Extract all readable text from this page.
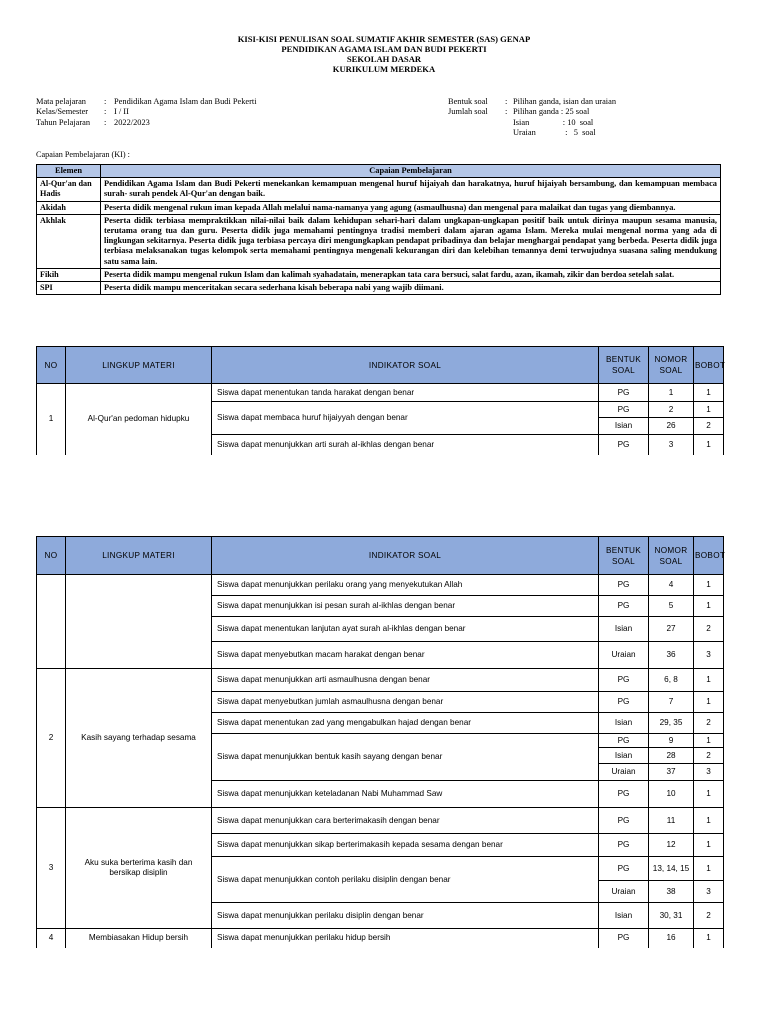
KISI-KISI PENULISAN SOAL SUMATIF AKHIR SEMESTER (SAS) GENAP
PENDIDIKAN AGAMA ISLAM DAN BUDI PEKERTI
SEKOLAH DASAR
KURIKULUM MERDEKA
Mata pelajaran	:	Pendidikan Agama Islam dan Budi Pekerti
Kelas/Semester	:	I / II
Tahun Pelajaran	:	2022/2023
Bentuk soal	:	Pilihan ganda, isian dan uraian
Jumlah soal	:	Pilihan ganda : 25 soal
		Isian                : 10  soal
		Uraian              :   5  soal
Capaian Pembelajaran (KI) :
Elemen	Capaian Pembelajaran
Al-Qur'an dan Hadis	Pendidikan Agama Islam dan Budi Pekerti menekankan kemampuan mengenal huruf hijaiyah dan harakatnya, huruf hijaiyah bersambung, dan kemampuan membaca surah- surah pendek Al-Qur'an dengan baik.
Akidah	Peserta didik mengenal rukun iman kepada Allah melalui nama-namanya yang agung (asmaulhusna) dan mengenal para malaikat dan tugas yang diembannya.
Akhlak	Peserta didik terbiasa mempraktikkan nilai-nilai baik dalam kehidupan sehari-hari dalam ungkapan-ungkapan positif baik untuk dirinya maupun sesama manusia, terutama orang tua dan guru. Peserta didik juga memahami pentingnya tradisi memberi dalam ajaran agama Islam. Mereka mulai mengenal norma yang ada di lingkungan sekitarnya. Peserta didik juga terbiasa percaya diri mengungkapkan pendapat pribadinya dan belajar menghargai pendapat yang berbeda. Peserta didik juga terbiasa melaksanakan tugas kelompok serta memahami pentingnya mengenali kekurangan diri dan kelebihan temannya demi terwujudnya suasana saling mendukung satu sama lain.
Fikih	Peserta didik mampu mengenal rukun Islam dan kalimah syahadatain, menerapkan tata cara bersuci, salat fardu, azan, ikamah, zikir dan berdoa setelah salat.
SPI	Peserta didik mampu menceritakan secara sederhana kisah beberapa nabi yang wajib diimani.
NO	LINGKUP MATERI	INDIKATOR SOAL	BENTUK SOAL	NOMOR SOAL	BOBOT
1	Al-Qur'an pedoman hidupku	Siswa dapat menentukan tanda harakat dengan benar	PG	1	1
		Siswa dapat membaca huruf hijaiyyah dengan benar	PG	2	1
			Isian	26	2
		Siswa dapat menunjukkan arti surah al-ikhlas dengan benar	PG	3	1
NO	LINGKUP MATERI	INDIKATOR SOAL	BENTUK SOAL	NOMOR SOAL	BOBOT
		Siswa dapat menunjukkan perilaku orang yang menyekutukan Allah	PG	4	1
		Siswa dapat menunjukkan isi pesan surah al-ikhlas dengan benar	PG	5	1
		Siswa dapat menentukan lanjutan ayat surah al-ikhlas dengan benar	Isian	27	2
		Siswa dapat menyebutkan macam harakat dengan benar	Uraian	36	3
2	Kasih sayang terhadap sesama	Siswa dapat menunjukkan arti asmaulhusna dengan benar	PG	6, 8	1
		Siswa dapat menyebutkan jumlah asmaulhusna dengan benar	PG	7	1
		Siswa dapat menentukan zad yang mengabulkan hajad dengan benar	Isian	29, 35	2
		Siswa dapat menunjukkan bentuk kasih sayang dengan benar	PG	9	1
			Isian	28	2
			Uraian	37	3
		Siswa dapat menunjukkan keteladanan Nabi Muhammad Saw	PG	10	1
3	Aku suka berterima kasih dan bersikap disiplin	Siswa dapat menunjukkan cara berterimakasih dengan benar	PG	11	1
		Siswa dapat menunjukkan sikap berterimakasih kepada sesama dengan benar	PG	12	1
		Siswa dapat menunjukkan contoh perilaku disiplin dengan benar	PG	13, 14, 15	1
			Uraian	38	3
		Siswa dapat menunjukkan perilaku disiplin dengan benar	Isian	30, 31	2
4	Membiasakan Hidup bersih	Siswa dapat menunjukkan perilaku hidup bersih	PG	16	1
